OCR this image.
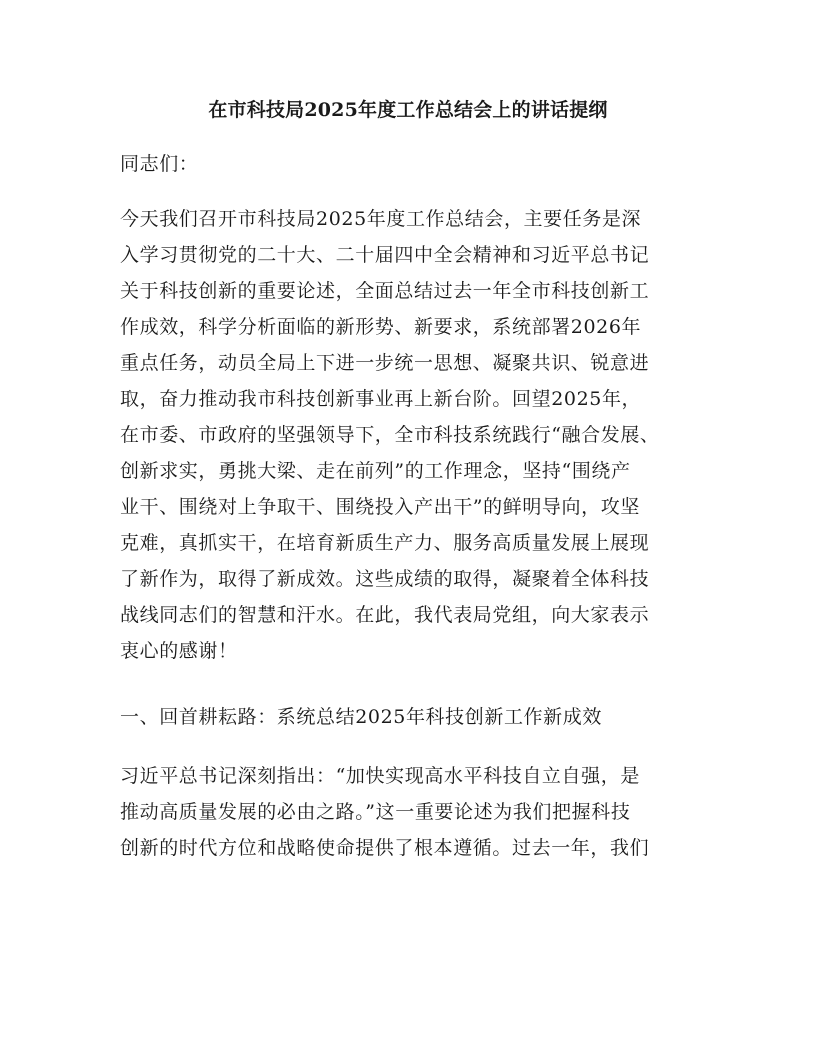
在市科技局2025年度工作总结会上的讲话提纲

同志们：

今天我们召开市科技局2025年度工作总结会，主要任务是深

入学习贯彻党的二十大、二十届四中全会精神和习近平总书记

关于科技创新的重要论述，全面总结过去一年全市科技创新工

作成效，科学分析面临的新形势、新要求，系统部署2026年

重点任务，动员全局上下进一步统一思想、凝聚共识、锐意进

取，奋力推动我市科技创新事业再上新台阶。回望2025年，

在市委、市政府的坚强领导下，全市科技系统践行“融合发展、

创新求实，勇挑大梁、走在前列”的工作理念，坚持“围绕产

业干、围绕对上争取干、围绕投入产出干”的鲜明导向，攻坚

克难，真抓实干，在培育新质生产力、服务高质量发展上展现

了新作为，取得了新成效。这些成绩的取得，凝聚着全体科技

战线同志们的智慧和汗水。在此，我代表局党组，向大家表示

衷心的感谢！

一、回首耕耘路：系统总结2025年科技创新工作新成效

习近平总书记深刻指出：“加快实现高水平科技自立自强，是

推动高质量发展的必由之路。”这一重要论述为我们把握科技

创新的时代方位和战略使命提供了根本遵循。过去一年，我们
